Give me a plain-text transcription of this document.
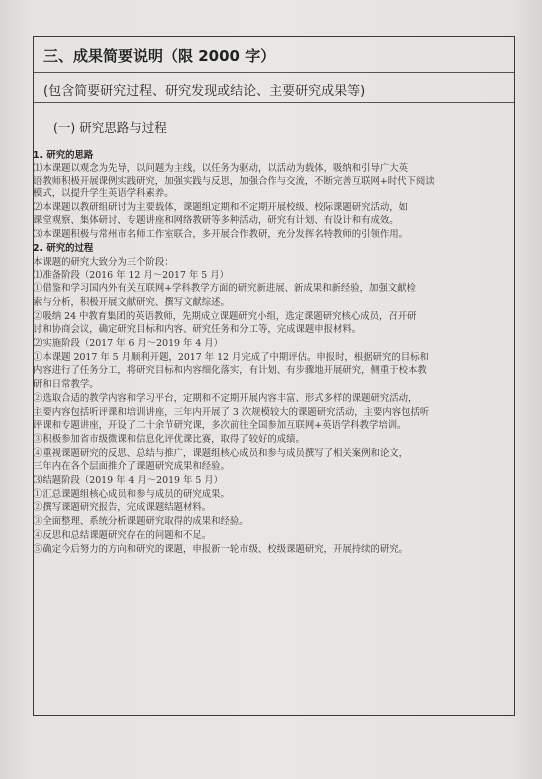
三、成果简要说明（限 2000 字）
(包含简要研究过程、研究发现或结论、主要研究成果等)
(一) 研究思路与过程

1. 研究的思路

⑴本课题以观念为先导，以问题为主线，以任务为驱动，以活动为载体，吸纳和引导广大英

语教师积极开展课例实践研究，加强实践与反思，加强合作与交流，不断完善互联网+时代下阅读

模式，以提升学生英语学科素养。

⑵本课题以教研组研讨为主要载体，课题组定期和不定期开展校级、校际课题研究活动，如

课堂观察、集体研讨、专题讲座和网络教研等多种活动，研究有计划、有设计和有成效。

⑶本课题积极与常州市名师工作室联合，多开展合作教研，充分发挥名特教师的引领作用。

2. 研究的过程

本课题的研究大致分为三个阶段：

⑴准备阶段（2016 年 12 月～2017 年 5 月）

①借鉴和学习国内外有关互联网+学科教学方面的研究新进展、新成果和新经验，加强文献检

索与分析，积极开展文献研究、撰写文献综述。

②吸纳 24 中教育集团的英语教师，先期成立课题研究小组，选定课题研究核心成员，召开研

讨和协商会议，确定研究目标和内容、研究任务和分工等，完成课题申报材料。

⑵实施阶段（2017 年 6 月～2019 年 4 月）

①本课题 2017 年 5 月顺利开题，2017 年 12 月完成了中期评估。申报时，根据研究的目标和

内容进行了任务分工，将研究目标和内容细化落实，有计划、有步骤地开展研究，侧重于校本教

研和日常教学。

②选取合适的教学内容和学习平台，定期和不定期开展内容丰富、形式多样的课题研究活动，

主要内容包括听评课和培训讲座，三年内开展了 3 次规模较大的课题研究活动，主要内容包括听

评课和专题讲座，开设了二十余节研究课，多次前往全国参加互联网+英语学科教学培训。

③积极参加省市级微课和信息化评优课比赛，取得了较好的成绩。

④重视课题研究的反思、总结与推广，课题组核心成员和参与成员撰写了相关案例和论文，

三年内在各个层面推介了课题研究成果和经验。

⑶结题阶段（2019 年 4 月～2019 年 5 月）

①汇总课题组核心成员和参与成员的研究成果。

②撰写课题研究报告，完成课题结题材料。

③全面整理、系统分析课题研究取得的成果和经验。

④反思和总结课题研究存在的问题和不足。

⑤确定今后努力的方向和研究的课题，申报新一轮市级、校级课题研究，开展持续的研究。
